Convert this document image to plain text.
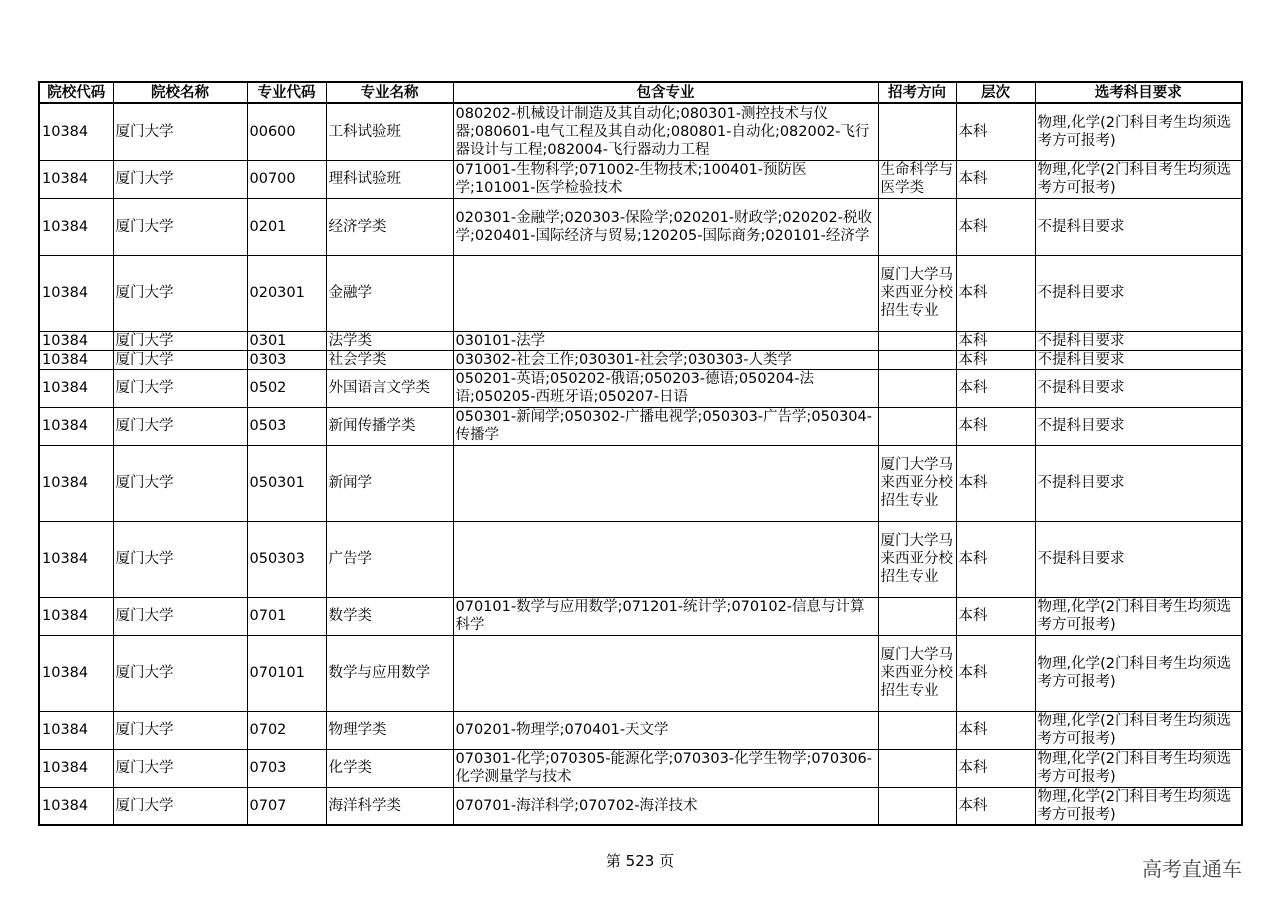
院校代码	院校名称	专业代码	专业名称	包含专业	招考方向	层次	选考科目要求
10384	厦门大学	00600	工科试验班	080202-机械设计制造及其自动化;080301-测控技术与仪器;080601-电气工程及其自动化;080801-自动化;082002-飞行器设计与工程;082004-飞行器动力工程		本科	物理,化学(2门科目考生均须选考方可报考)
10384	厦门大学	00700	理科试验班	071001-生物科学;071002-生物技术;100401-预防医学;101001-医学检验技术	生命科学与医学类	本科	物理,化学(2门科目考生均须选考方可报考)
10384	厦门大学	0201	经济学类	020301-金融学;020303-保险学;020201-财政学;020202-税收学;020401-国际经济与贸易;120205-国际商务;020101-经济学		本科	不提科目要求
10384	厦门大学	020301	金融学		厦门大学马来西亚分校招生专业	本科	不提科目要求
10384	厦门大学	0301	法学类	030101-法学		本科	不提科目要求
10384	厦门大学	0303	社会学类	030302-社会工作;030301-社会学;030303-人类学		本科	不提科目要求
10384	厦门大学	0502	外国语言文学类	050201-英语;050202-俄语;050203-德语;050204-法语;050205-西班牙语;050207-日语		本科	不提科目要求
10384	厦门大学	0503	新闻传播学类	050301-新闻学;050302-广播电视学;050303-广告学;050304-传播学		本科	不提科目要求
10384	厦门大学	050301	新闻学		厦门大学马来西亚分校招生专业	本科	不提科目要求
10384	厦门大学	050303	广告学		厦门大学马来西亚分校招生专业	本科	不提科目要求
10384	厦门大学	0701	数学类	070101-数学与应用数学;071201-统计学;070102-信息与计算科学		本科	物理,化学(2门科目考生均须选考方可报考)
10384	厦门大学	070101	数学与应用数学		厦门大学马来西亚分校招生专业	本科	物理,化学(2门科目考生均须选考方可报考)
10384	厦门大学	0702	物理学类	070201-物理学;070401-天文学		本科	物理,化学(2门科目考生均须选考方可报考)
10384	厦门大学	0703	化学类	070301-化学;070305-能源化学;070303-化学生物学;070306-化学测量学与技术		本科	物理,化学(2门科目考生均须选考方可报考)
10384	厦门大学	0707	海洋科学类	070701-海洋科学;070702-海洋技术		本科	物理,化学(2门科目考生均须选考方可报考)
第 523 页	高考直通车
